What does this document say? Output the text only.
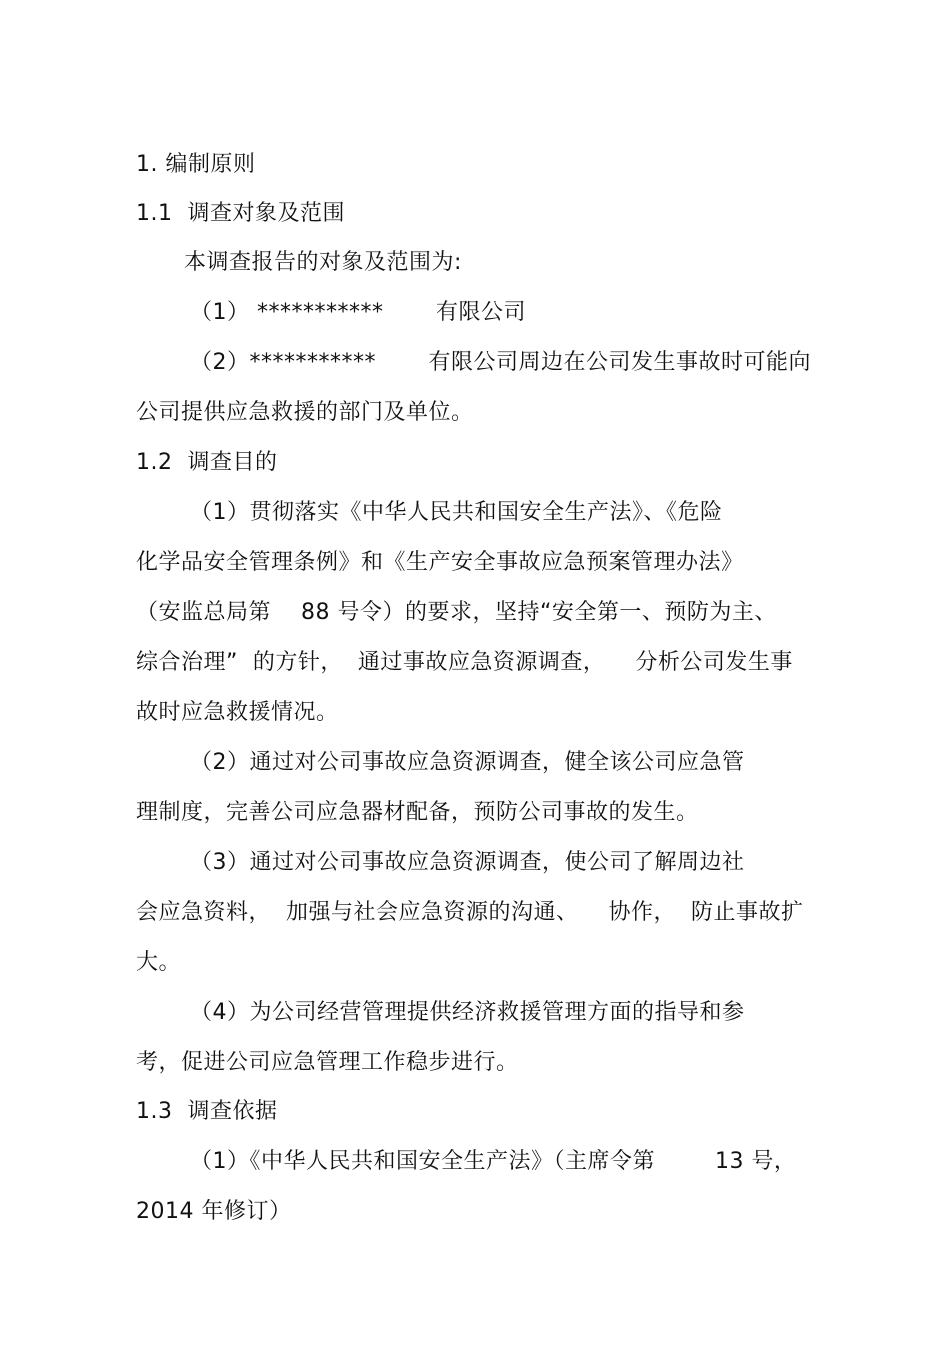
1. 编制原则
1.1  调查对象及范围
本调查报告的对象及范围为:
（1） ***********       有限公司
（2）***********       有限公司周边在公司发生事故时可能向
公司提供应急救援的部门及单位。
1.2  调查目的
（1）贯彻落实《中华人民共和国安全生产法》、《危险
化学品安全管理条例》和《生产安全事故应急预案管理办法》
（安监总局第    88 号令）的要求，坚持“安全第一、预防为主、
综合治理”  的方针，  通过事故应急资源调查，    分析公司发生事
故时应急救援情况。
（2）通过对公司事故应急资源调查，健全该公司应急管
理制度，完善公司应急器材配备，预防公司事故的发生。
（3）通过对公司事故应急资源调查，使公司了解周边社
会应急资料，  加强与社会应急资源的沟通、    协作，  防止事故扩
大。
（4）为公司经营管理提供经济救援管理方面的指导和参
考，促进公司应急管理工作稳步进行。
1.3  调查依据
（1）《中华人民共和国安全生产法》（主席令第        13 号，
2014 年修订）
